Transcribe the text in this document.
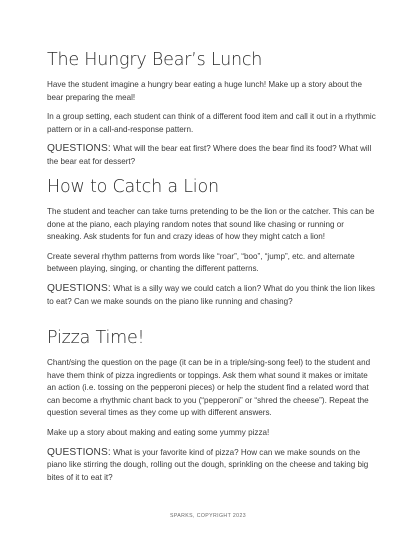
The Hungry Bear’s Lunch

Have the student imagine a hungry bear eating a huge lunch! Make up a story about the bear preparing the meal!

In a group setting, each student can think of a different food item and call it out in a rhythmic pattern or in a call-and-response pattern.

QUESTIONS: What will the bear eat first? Where does the bear find its food? What will the bear eat for dessert?

How to Catch a Lion

The student and teacher can take turns pretending to be the lion or the catcher. This can be done at the piano, each playing random notes that sound like chasing or running or sneaking. Ask students for fun and crazy ideas of how they might catch a lion!

Create several rhythm patterns from words like “roar”, “boo”, “jump”, etc. and alternate between playing, singing, or chanting the different patterns.

QUESTIONS: What is a silly way we could catch a lion? What do you think the lion likes to eat? Can we make sounds on the piano like running and chasing?

Pizza Time!

Chant/sing the question on the page (it can be in a triple/sing-song feel) to the student and have them think of pizza ingredients or toppings. Ask them what sound it makes or imitate an action (i.e. tossing on the pepperoni pieces) or help the student find a related word that can become a rhythmic chant back to you (“pepperoni” or “shred the cheese”). Repeat the question several times as they come up with different answers.

Make up a story about making and eating some yummy pizza!

QUESTIONS: What is your favorite kind of pizza? How can we make sounds on the piano like stirring the dough, rolling out the dough, sprinkling on the cheese and taking big bites of it to eat it?

SPARKS, COPYRIGHT 2023
